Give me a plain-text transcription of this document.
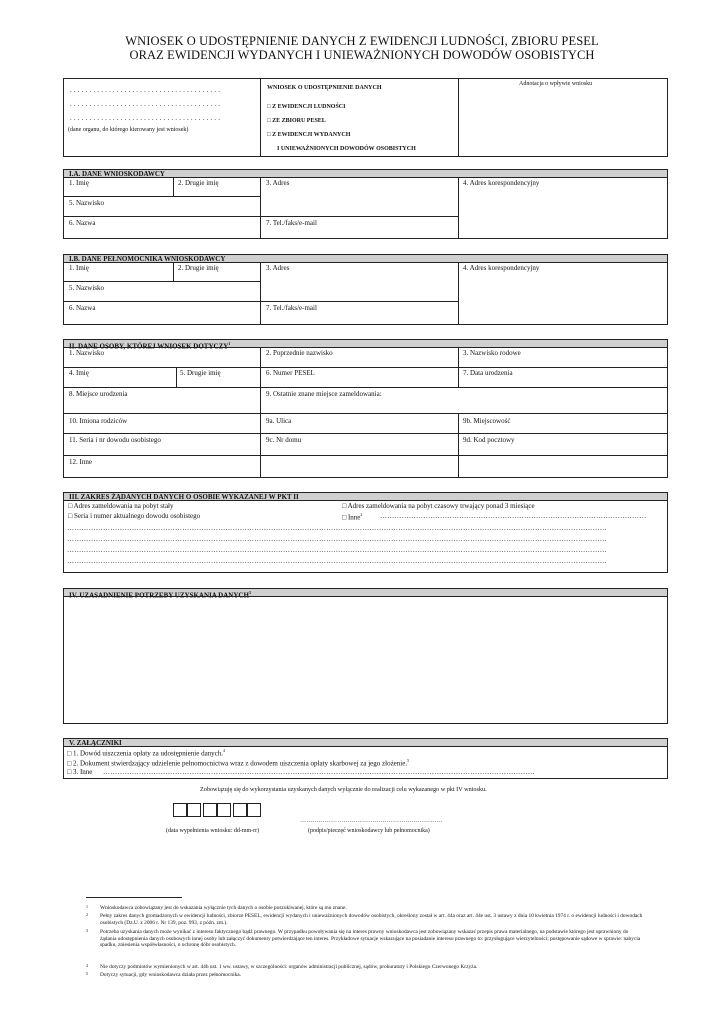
WNIOSEK O UDOSTĘPNIENIE DANYCH Z EWIDENCJI LUDNOŚCI, ZBIORU PESEL
ORAZ EWIDENCJI WYDANYCH I UNIEWAŻNIONYCH DOWODÓW OSOBISTYCH
. . . . . . . . . . . . . . . . . . . . . . . . . . . . . . . . . . . . . . .
. . . . . . . . . . . . . . . . . . . . . . . . . . . . . . . . . . . . . . .
. . . . . . . . . . . . . . . . . . . . . . . . . . . . . . . . . . . . . . .
(dane organu, do którego kierowany jest wniosek)
WNIOSEK O UDOSTĘPNIENIE DANYCH
□ Z EWIDENCJI LUDNOŚCI
□ ZE ZBIORU PESEL
□ Z EWIDENCJI WYDANYCH
I UNIEWAŻNIONYCH DOWODÓW OSOBISTYCH
Adnotacja o wpływie wniosku
I.A. DANE WNIOSKODAWCY
1. Imię	2. Drugie imię	3. Adres	4. Adres korespondencyjny
5. Nazwisko
6. Nazwa	7. Tel./faks/e-mail
I.B. DANE PEŁNOMOCNIKA WNIOSKODAWCY
1. Imię	2. Drugie imię	3. Adres	4. Adres korespondencyjny
5. Nazwisko
6. Nazwa	7. Tel./faks/e-mail
II. DANE OSOBY, KTÓREJ WNIOSEK DOTYCZY$^1$
1. Nazwisko	2. Poprzednie nazwisko	3. Nazwisko rodowe
4. Imię	5. Drugie imię	6. Numer PESEL	7. Data urodzenia
8. Miejsce urodzenia	9. Ostatnie znane miejsce zameldowania:
10. Imiona rodziców	9a. Ulica	9b. Miejscowość
11. Seria i nr dowodu osobistego	9c. Nr domu	9d. Kod pocztowy
12. Inne
III. ZAKRES ŻĄDANYCH DANYCH O OSOBIE WYKAZANEJ W PKT II
□ Adres zameldowania na pobyt stały	□ Adres zameldowania na pobyt czasowy trwający ponad 3 miesiące
□ Seria i numer aktualnego dowodu osobistego	□ Inne$^2$	…………………………………………………………………………………………………
………………………………………………………………………………………………………………………………………………………………………………………………………
………………………………………………………………………………………………………………………………………………………………………………………………………
………………………………………………………………………………………………………………………………………………………………………………………………………
………………………………………………………………………………………………………………………………………………………………………………………………………
IV. UZASADNIENIE POTRZEBY UZYSKANIA DANYCH$^3$
V. ZAŁĄCZNIKI
□ 1. Dowód uiszczenia opłaty za udostępnienie danych.$^4$
□ 2. Dokument stwierdzający udzielenie pełnomocnictwa wraz z dowodem uiszczenia opłaty skarbowej za jego złożenie.$^5$
□ 3. Inne ………………………………………………………………………………………………………………………………………………………………
Zobowiązuję się do wykorzystania uzyskanych danych wyłącznie do realizacji celu wykazanego w pkt IV wniosku.
……………………………………………………………
(data wypełnienia wniosku: dd-mm-rr)	(podpis/pieczęć wnioskodawcy lub pełnomocnika)
1 Wnioskodawca zobowiązany jest do wskazania wyłącznie tych danych o osobie poszukiwanej, które są mu znane.
2 Pełny zakres danych gromadzonych w ewidencji ludności, zbiorze PESEL, ewidencji wydanych i unieważnionych dowodów osobistych, określony został w art. 44a oraz art. 44e ust. 3 ustawy z dnia 10 kwietnia 1974 r. o ewidencji ludności i dowodach osobistych (Dz.U. z 2006 r. Nr 139, poz. 993, z późn. zm.).
3 Potrzeba uzyskania danych może wynikać z interesu faktycznego bądź prawnego. W przypadku powoływania się na interes prawny wnioskodawca jest zobowiązany wskazać przepis prawa materialnego, na podstawie którego jest uprawniony do żądania udostępnienia danych osobowych innej osoby lub załączyć dokumenty potwierdzające ten interes. Przykładowe sytuacje wskazujące na posiadanie interesu prawnego to: przysługujące wierzytelności; postępowanie sądowe w sprawie: nabycia spadku, zniesienia współwłasności, o ochronę dóbr osobistych.
4 Nie dotyczy podmiotów wymienionych w art. 44h ust. 1 ww. ustawy, w szczególności: organów administracji publicznej, sądów, prokuratury i Polskiego Czerwonego Krzyża.
5 Dotyczy sytuacji, gdy wnioskodawca działa przez pełnomocnika.
